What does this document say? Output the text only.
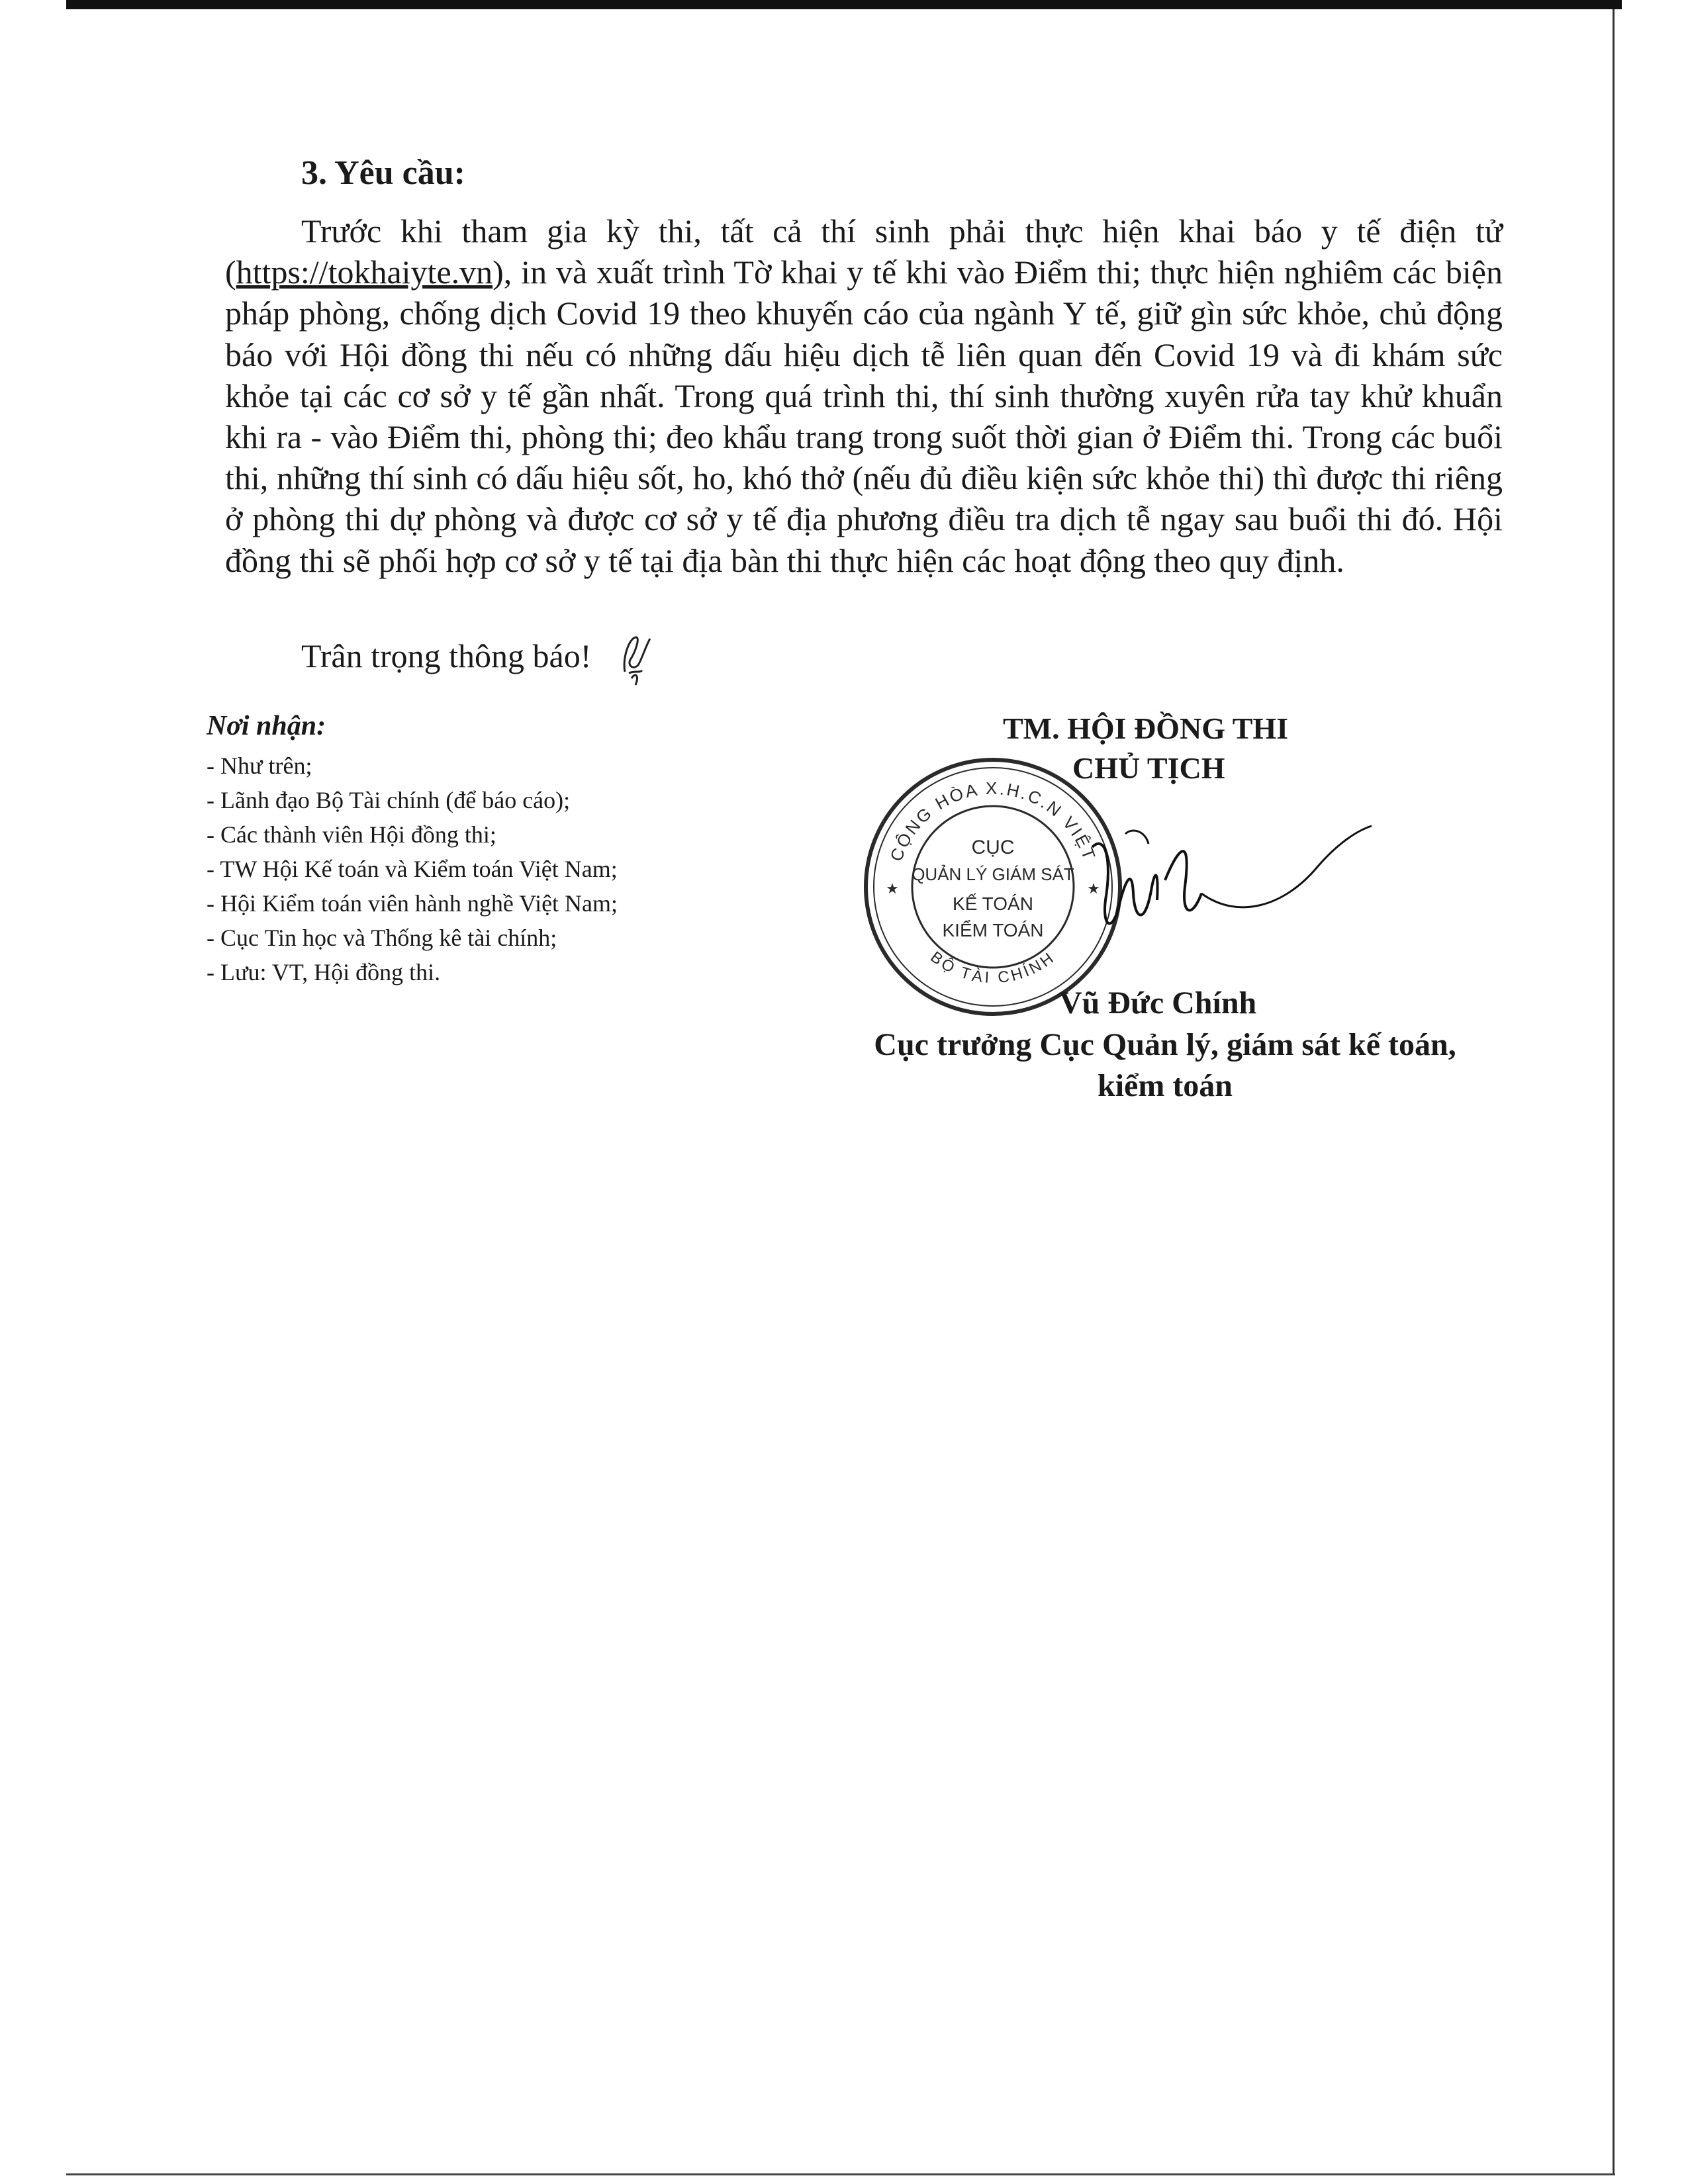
3. Yêu cầu:

Trước khi tham gia kỳ thi, tất cả thí sinh phải thực hiện khai báo y tế điện tử (https://tokhaiyte.vn), in và xuất trình Tờ khai y tế khi vào Điểm thi; thực hiện nghiêm các biện pháp phòng, chống dịch Covid 19 theo khuyến cáo của ngành Y tế, giữ gìn sức khỏe, chủ động báo với Hội đồng thi nếu có những dấu hiệu dịch tễ liên quan đến Covid 19 và đi khám sức khỏe tại các cơ sở y tế gần nhất. Trong quá trình thi, thí sinh thường xuyên rửa tay khử khuẩn khi ra - vào Điểm thi, phòng thi; đeo khẩu trang trong suốt thời gian ở Điểm thi. Trong các buổi thi, những thí sinh có dấu hiệu sốt, ho, khó thở (nếu đủ điều kiện sức khỏe thi) thì được thi riêng ở phòng thi dự phòng và được cơ sở y tế địa phương điều tra dịch tễ ngay sau buổi thi đó. Hội đồng thi sẽ phối hợp cơ sở y tế tại địa bàn thi thực hiện các hoạt động theo quy định.

Trân trọng thông báo!

Nơi nhận:

- Như trên;
- Lãnh đạo Bộ Tài chính (để báo cáo);
- Các thành viên Hội đồng thi;
- TW Hội Kế toán và Kiểm toán Việt Nam;
- Hội Kiểm toán viên hành nghề Việt Nam;
- Cục Tin học và Thống kê tài chính;
- Lưu: VT, Hội đồng thi.

TM. HỘI ĐỒNG THI

CHỦ TỊCH

CỘNG HÒA X.H.C.N VIỆT
BỘ TÀI CHÍNH
★	★
CỤC
QUẢN LÝ GIÁM SÁT
KẾ TOÁN
KIỂM TOÁN

Vũ Đức Chính

Cục trưởng Cục Quản lý, giám sát kế toán, kiểm toán
